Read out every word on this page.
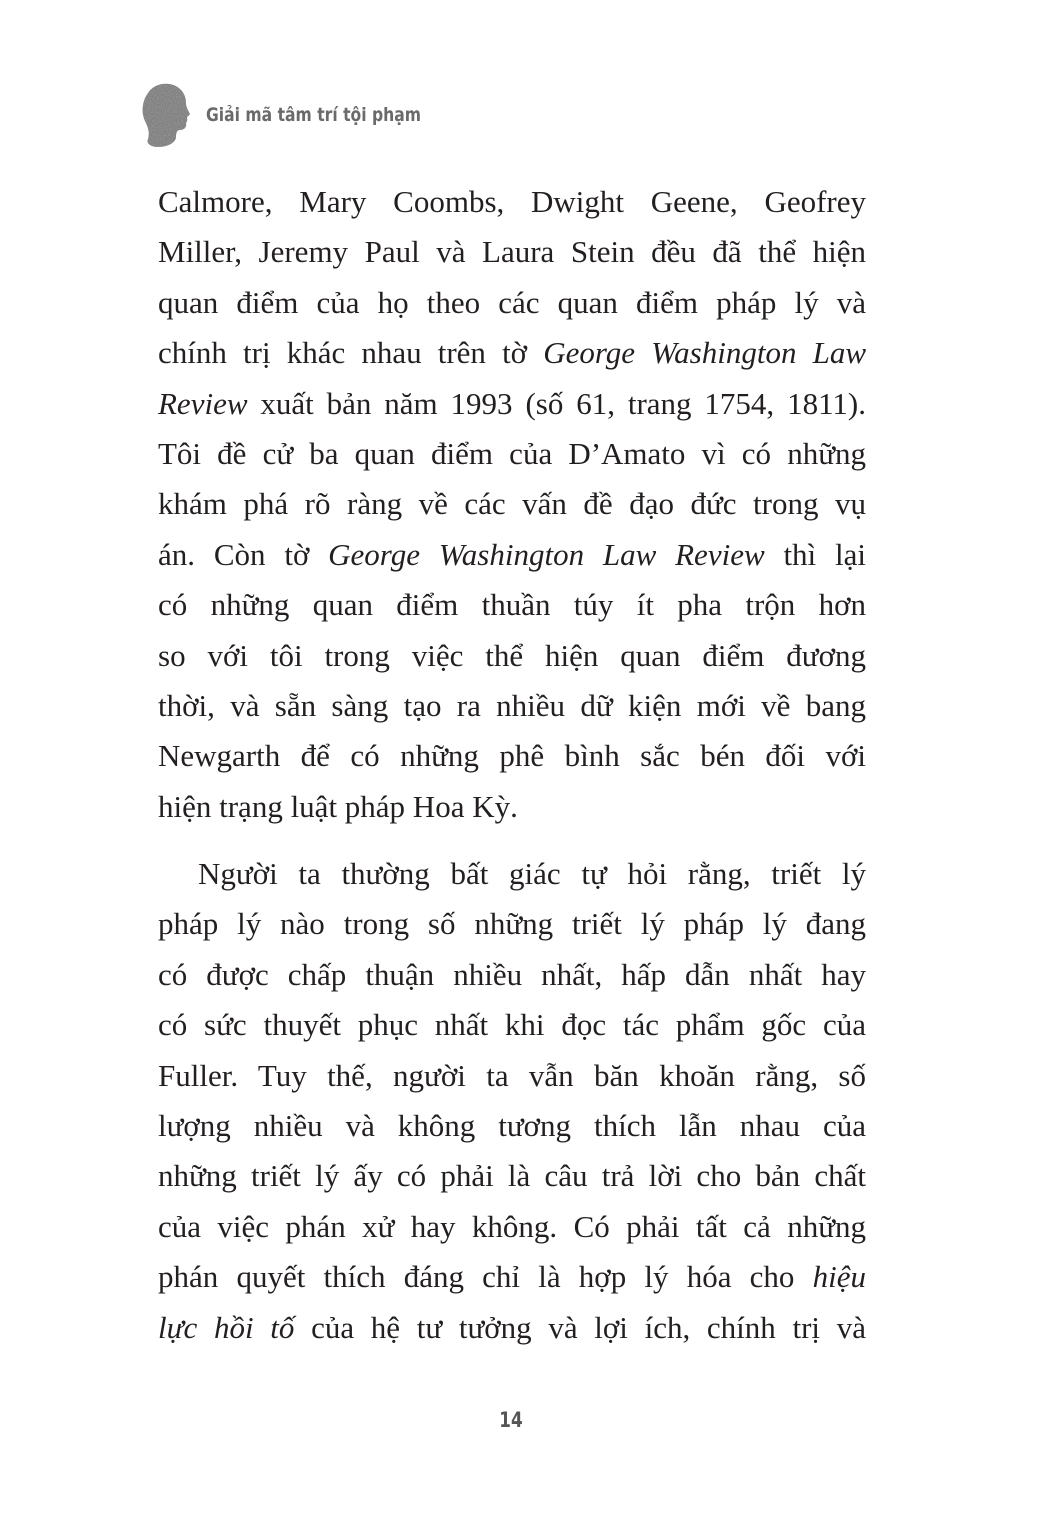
Giải mã tâm trí tội phạm
Calmore, Mary Coombs, Dwight Geene, Geofrey
Miller, Jeremy Paul và Laura Stein đều đã thể hiện
quan điểm của họ theo các quan điểm pháp lý và
chính trị khác nhau trên tờ George Washington Law
Review xuất bản năm 1993 (số 61, trang 1754, 1811).
Tôi đề cử ba quan điểm của D’Amato vì có những
khám phá rõ ràng về các vấn đề đạo đức trong vụ
án. Còn tờ George Washington Law Review thì lại
có những quan điểm thuần túy ít pha trộn hơn
so với tôi trong việc thể hiện quan điểm đương
thời, và sẵn sàng tạo ra nhiều dữ kiện mới về bang
Newgarth để có những phê bình sắc bén đối với
hiện trạng luật pháp Hoa Kỳ.
Người ta thường bất giác tự hỏi rằng, triết lý
pháp lý nào trong số những triết lý pháp lý đang
có được chấp thuận nhiều nhất, hấp dẫn nhất hay
có sức thuyết phục nhất khi đọc tác phẩm gốc của
Fuller. Tuy thế, người ta vẫn băn khoăn rằng, số
lượng nhiều và không tương thích lẫn nhau của
những triết lý ấy có phải là câu trả lời cho bản chất
của việc phán xử hay không. Có phải tất cả những
phán quyết thích đáng chỉ là hợp lý hóa cho hiệu
lực hồi tố của hệ tư tưởng và lợi ích, chính trị và
14
